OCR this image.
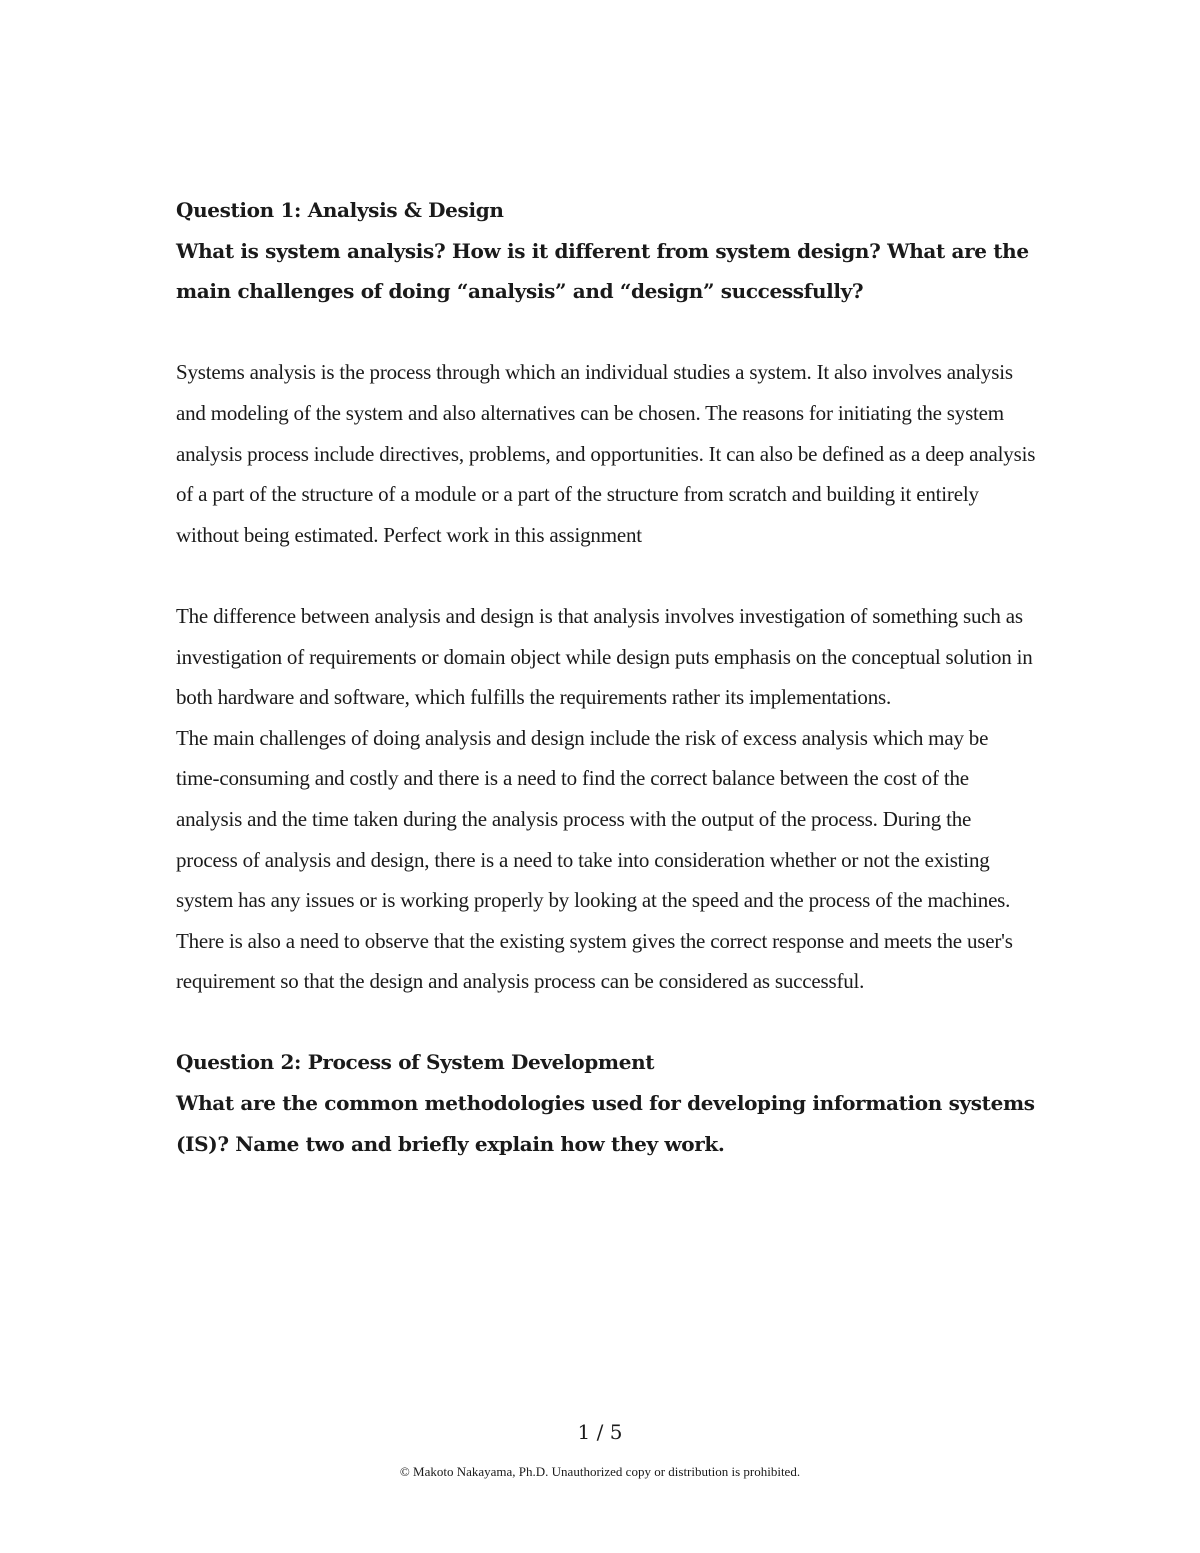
Question 1: Analysis & Design

What is system analysis? How is it different from system design? What are the main challenges of doing “analysis” and “design” successfully?

Systems analysis is the process through which an individual studies a system. It also involves analysis and modeling of the system and also alternatives can be chosen. The reasons for initiating the system analysis process include directives, problems, and opportunities. It can also be defined as a deep analysis of a part of the structure of a module or a part of the structure from scratch and building it entirely without being estimated. Perfect work in this assignment

The difference between analysis and design is that analysis involves investigation of something such as investigation of requirements or domain object while design puts emphasis on the conceptual solution in both hardware and software, which fulfills the requirements rather its implementations.

The main challenges of doing analysis and design include the risk of excess analysis which may be time-consuming and costly and there is a need to find the correct balance between the cost of the analysis and the time taken during the analysis process with the output of the process. During the process of analysis and design, there is a need to take into consideration whether or not the existing system has any issues or is working properly by looking at the speed and the process of the machines. There is also a need to observe that the existing system gives the correct response and meets the user's requirement so that the design and analysis process can be considered as successful.

Question 2: Process of System Development

What are the common methodologies used for developing information systems (IS)? Name two and briefly explain how they work.

1 / 5
© Makoto Nakayama, Ph.D. Unauthorized copy or distribution is prohibited.
